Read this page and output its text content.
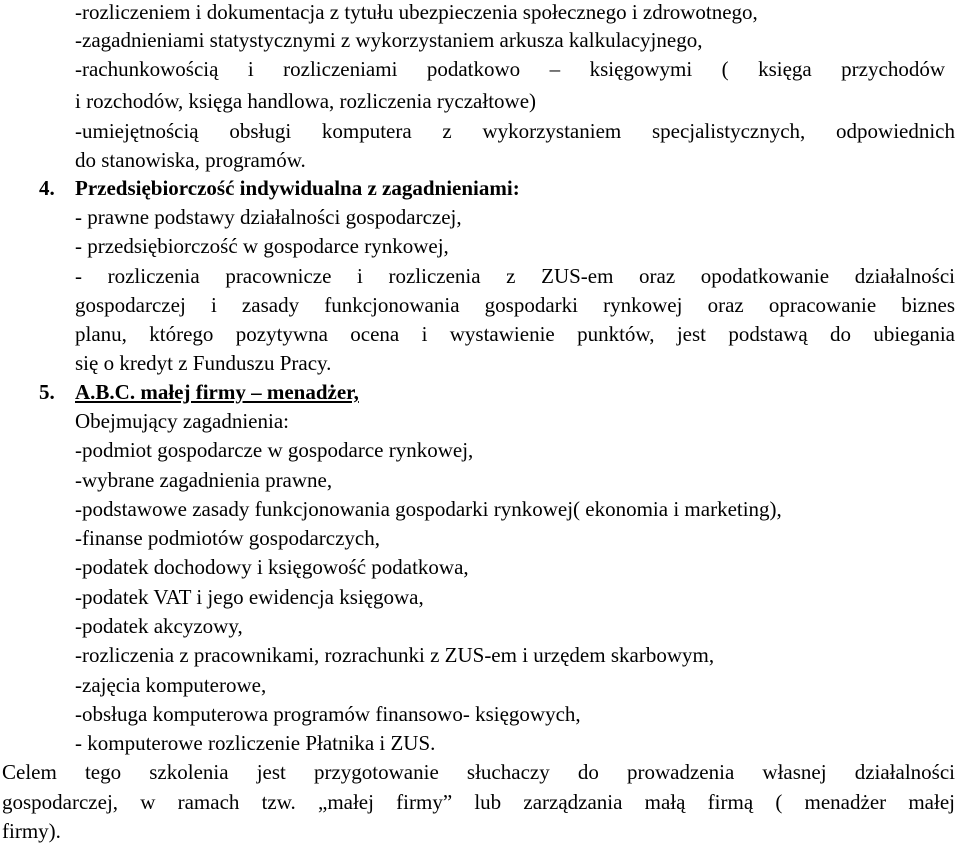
-rozliczeniem i dokumentacja z tytułu ubezpieczenia społecznego i zdrowotnego,
-zagadnieniami statystycznymi z wykorzystaniem arkusza kalkulacyjnego,
-rachunkowością i rozliczeniami podatkowo – księgowymi ( księga przychodów
i rozchodów, księga handlowa, rozliczenia ryczałtowe)
-umiejętnością obsługi komputera z wykorzystaniem specjalistycznych, odpowiednich
do stanowiska, programów.
4. Przedsiębiorczość indywidualna z zagadnieniami:
- prawne podstawy działalności gospodarczej,
- przedsiębiorczość w gospodarce rynkowej,
- rozliczenia pracownicze i rozliczenia z ZUS-em oraz opodatkowanie działalności
gospodarczej i zasady funkcjonowania gospodarki rynkowej oraz opracowanie biznes
planu, którego pozytywna ocena i wystawienie punktów, jest podstawą do ubiegania
się o kredyt z Funduszu Pracy.
5. A.B.C. małej firmy – menadżer,
Obejmujący zagadnienia:
-podmiot gospodarcze w gospodarce rynkowej,
-wybrane zagadnienia prawne,
-podstawowe zasady funkcjonowania gospodarki rynkowej( ekonomia i marketing),
-finanse podmiotów gospodarczych,
-podatek dochodowy i księgowość podatkowa,
-podatek VAT i jego ewidencja księgowa,
-podatek akcyzowy,
-rozliczenia z pracownikami, rozrachunki z ZUS-em i urzędem skarbowym,
-zajęcia komputerowe,
-obsługa komputerowa programów finansowo- księgowych,
- komputerowe rozliczenie Płatnika i ZUS.
Celem tego szkolenia jest przygotowanie słuchaczy do prowadzenia własnej działalności
gospodarczej, w ramach tzw. „małej firmy” lub zarządzania małą firmą ( menadżer małej
firmy).
